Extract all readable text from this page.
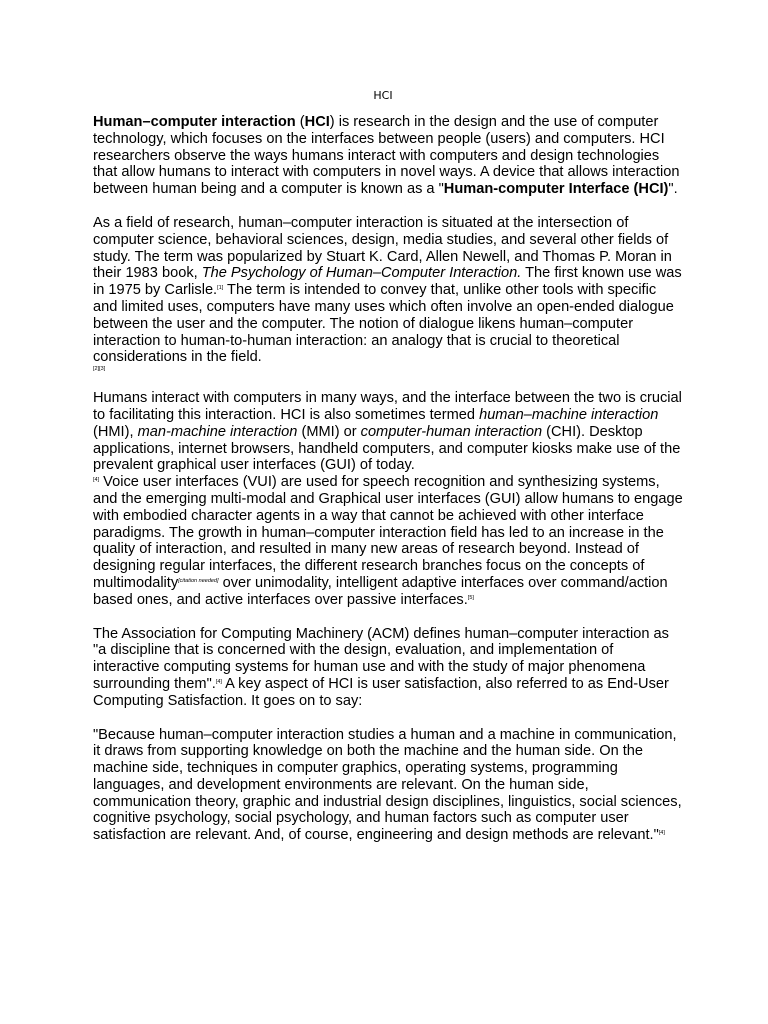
HCI

Human–computer interaction (HCI) is research in the design and the use of computer technology, which focuses on the interfaces between people (users) and computers. HCI researchers observe the ways humans interact with computers and design technologies that allow humans to interact with computers in novel ways. A device that allows interaction between human being and a computer is known as a "Human-computer Interface (HCI)".

As a field of research, human–computer interaction is situated at the intersection of computer science, behavioral sciences, design, media studies, and several other fields of study. The term was popularized by Stuart K. Card, Allen Newell, and Thomas P. Moran in their 1983 book, The Psychology of Human–Computer Interaction. The first known use was in 1975 by Carlisle.[1] The term is intended to convey that, unlike other tools with specific and limited uses, computers have many uses which often involve an open-ended dialogue between the user and the computer. The notion of dialogue likens human–computer interaction to human-to-human interaction: an analogy that is crucial to theoretical considerations in the field.
[2][3]

Humans interact with computers in many ways, and the interface between the two is crucial to facilitating this interaction. HCI is also sometimes termed human–machine interaction (HMI), man-machine interaction (MMI) or computer-human interaction (CHI). Desktop applications, internet browsers, handheld computers, and computer kiosks make use of the prevalent graphical user interfaces (GUI) of today.
[4] Voice user interfaces (VUI) are used for speech recognition and synthesizing systems, and the emerging multi-modal and Graphical user interfaces (GUI) allow humans to engage with embodied character agents in a way that cannot be achieved with other interface paradigms. The growth in human–computer interaction field has led to an increase in the quality of interaction, and resulted in many new areas of research beyond. Instead of designing regular interfaces, the different research branches focus on the concepts of multimodality[citation needed] over unimodality, intelligent adaptive interfaces over command/action based ones, and active interfaces over passive interfaces.[5]

The Association for Computing Machinery (ACM) defines human–computer interaction as "a discipline that is concerned with the design, evaluation, and implementation of interactive computing systems for human use and with the study of major phenomena surrounding them".[4] A key aspect of HCI is user satisfaction, also referred to as End-User Computing Satisfaction. It goes on to say:

"Because human–computer interaction studies a human and a machine in communication, it draws from supporting knowledge on both the machine and the human side. On the machine side, techniques in computer graphics, operating systems, programming languages, and development environments are relevant. On the human side, communication theory, graphic and industrial design disciplines, linguistics, social sciences, cognitive psychology, social psychology, and human factors such as computer user satisfaction are relevant. And, of course, engineering and design methods are relevant."[4]
